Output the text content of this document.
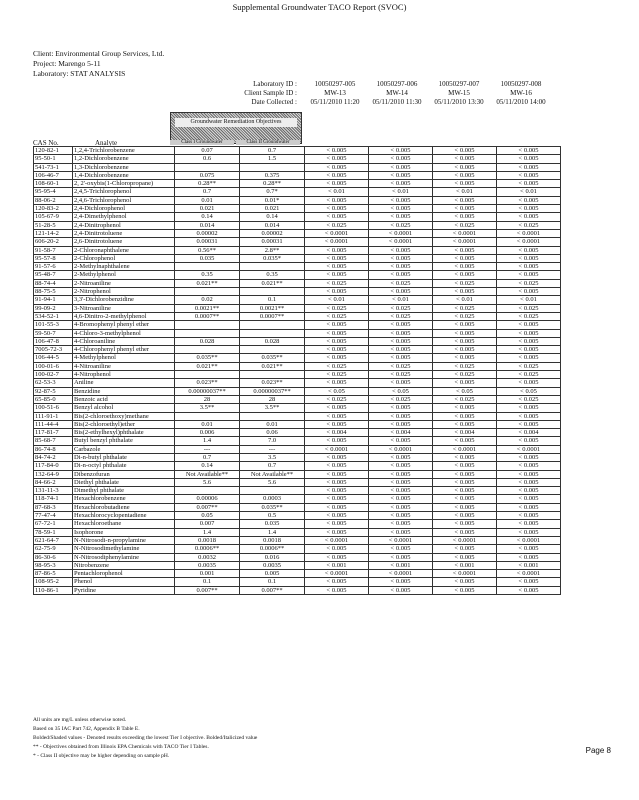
Supplemental Groundwater TACO Report (SVOC)
Client: Environmental Group Services, Ltd.
Project: Marengo 5-11
Laboratory: STAT ANALYSIS
Laboratory ID :
Client Sample ID :
Date Collected :
10050297-005	10050297-006	10050297-007	10050297-008
MW-13	MW-14	MW-15	MW-16
05/11/2010 11:20	05/11/2010 11:30	05/11/2010 13:30	05/11/2010 14:00
Groundwater Remediation Objectives
CAS No.	Analyte	Class I Groundwater	Class II Groundwater
120-82-1	1,2,4-Trichlorobenzene	0.07	0.7	< 0.005	< 0.005	< 0.005	< 0.005
95-50-1	1,2-Dichlorobenzene	0.6	1.5	< 0.005	< 0.005	< 0.005	< 0.005
541-73-1	1,3-Dichlorobenzene			< 0.005	< 0.005	< 0.005	< 0.005
106-46-7	1,4-Dichlorobenzene	0.075	0.375	< 0.005	< 0.005	< 0.005	< 0.005
108-60-1	2, 2'-oxybis(1-Chloropropane)	0.28**	0.28**	< 0.005	< 0.005	< 0.005	< 0.005
95-95-4	2,4,5-Trichlorophenol	0.7	0.7*	< 0.01	< 0.01	< 0.01	< 0.01
88-06-2	2,4,6-Trichlorophenol	0.01	0.01*	< 0.005	< 0.005	< 0.005	< 0.005
120-83-2	2,4-Dichlorophenol	0.021	0.021	< 0.005	< 0.005	< 0.005	< 0.005
105-67-9	2,4-Dimethylphenol	0.14	0.14	< 0.005	< 0.005	< 0.005	< 0.005
51-28-5	2,4-Dinitrophenol	0.014	0.014	< 0.025	< 0.025	< 0.025	< 0.025
121-14-2	2,4-Dinitrotoluene	0.00002	0.00002	< 0.0001	< 0.0001	< 0.0001	< 0.0001
606-20-2	2,6-Dinitrotoluene	0.00031	0.00031	< 0.0001	< 0.0001	< 0.0001	< 0.0001
91-58-7	2-Chloronaphthalene	0.56**	2.8**	< 0.005	< 0.005	< 0.005	< 0.005
95-57-8	2-Chlorophenol	0.035	0.035*	< 0.005	< 0.005	< 0.005	< 0.005
91-57-6	2-Methylnaphthalene			< 0.005	< 0.005	< 0.005	< 0.005
95-48-7	2-Methylphenol	0.35	0.35	< 0.005	< 0.005	< 0.005	< 0.005
88-74-4	2-Nitroaniline	0.021**	0.021**	< 0.025	< 0.025	< 0.025	< 0.025
88-75-5	2-Nitrophenol			< 0.005	< 0.005	< 0.005	< 0.005
91-94-1	3,3'-Dichlorobenzidine	0.02	0.1	< 0.01	< 0.01	< 0.01	< 0.01
99-09-2	3-Nitroaniline	0.0021**	0.0021**	< 0.025	< 0.025	< 0.025	< 0.025
534-52-1	4,6-Dinitro-2-methylphenol	0.0007**	0.0007**	< 0.025	< 0.025	< 0.025	< 0.025
101-55-3	4-Bromophenyl phenyl ether			< 0.005	< 0.005	< 0.005	< 0.005
59-50-7	4-Chloro-3-methylphenol			< 0.005	< 0.005	< 0.005	< 0.005
106-47-8	4-Chloroaniline	0.028	0.028	< 0.005	< 0.005	< 0.005	< 0.005
7005-72-3	4-Chlorophenyl phenyl ether			< 0.005	< 0.005	< 0.005	< 0.005
106-44-5	4-Methylphenol	0.035**	0.035**	< 0.005	< 0.005	< 0.005	< 0.005
100-01-6	4-Nitroaniline	0.021**	0.021**	< 0.025	< 0.025	< 0.025	< 0.025
100-02-7	4-Nitrophenol			< 0.025	< 0.025	< 0.025	< 0.025
62-53-3	Aniline	0.023**	0.023**	< 0.005	< 0.005	< 0.005	< 0.005
92-87-5	Benzidine	0.00000037**	0.00000037**	< 0.05	< 0.05	< 0.05	< 0.05
65-85-0	Benzoic acid	28	28	< 0.025	< 0.025	< 0.025	< 0.025
100-51-6	Benzyl alcohol	3.5**	3.5**	< 0.005	< 0.005	< 0.005	< 0.005
111-91-1	Bis(2-chloroethoxy)methane			< 0.005	< 0.005	< 0.005	< 0.005
111-44-4	Bis(2-chloroethyl)ether	0.01	0.01	< 0.005	< 0.005	< 0.005	< 0.005
117-81-7	Bis(2-ethylhexyl)phthalate	0.006	0.06	< 0.004	< 0.004	< 0.004	< 0.004
85-68-7	Butyl benzyl phthalate	1.4	7.0	< 0.005	< 0.005	< 0.005	< 0.005
86-74-8	Carbazole	---	---	< 0.0001	< 0.0001	< 0.0001	< 0.0001
84-74-2	Di-n-butyl phthalate	0.7	3.5	< 0.005	< 0.005	< 0.005	< 0.005
117-84-0	Di-n-octyl phthalate	0.14	0.7	< 0.005	< 0.005	< 0.005	< 0.005
132-64-9	Dibenzofuran	Not Available**	Not Available**	< 0.005	< 0.005	< 0.005	< 0.005
84-66-2	Diethyl phthalate	5.6	5.6	< 0.005	< 0.005	< 0.005	< 0.005
131-11-3	Dimethyl phthalate			< 0.005	< 0.005	< 0.005	< 0.005
118-74-1	Hexachlorobenzene	0.00006	0.0003	< 0.005	< 0.005	< 0.005	< 0.005
87-68-3	Hexachlorobutadiene	0.007**	0.035**	< 0.005	< 0.005	< 0.005	< 0.005
77-47-4	Hexachlorocyclopentadiene	0.05	0.5	< 0.005	< 0.005	< 0.005	< 0.005
67-72-1	Hexachloroethane	0.007	0.035	< 0.005	< 0.005	< 0.005	< 0.005
78-59-1	Isophorone	1.4	1.4	< 0.005	< 0.005	< 0.005	< 0.005
621-64-7	N-Nitrosodi-n-propylamine	0.0018	0.0018	< 0.0001	< 0.0001	< 0.0001	< 0.0001
62-75-9	N-Nitrosodimethylamine	0.0006**	0.0006**	< 0.005	< 0.005	< 0.005	< 0.005
86-30-6	N-Nitrosodiphenylamine	0.0032	0.016	< 0.005	< 0.005	< 0.005	< 0.005
98-95-3	Nitrobenzene	0.0035	0.0035	< 0.001	< 0.001	< 0.001	< 0.001
87-86-5	Pentachlorophenol	0.001	0.005	< 0.0001	< 0.0001	< 0.0001	< 0.0001
108-95-2	Phenol	0.1	0.1	< 0.005	< 0.005	< 0.005	< 0.005
110-86-1	Pyridine	0.007**	0.007**	< 0.005	< 0.005	< 0.005	< 0.005
All units are mg/L unless otherwise noted.
Based on 35 IAC Part 742, Appendix B Table E.
Bolded/Shaded values - Denoted results exceeding the lowest Tier I objective. Bolded/Italicized value
** - Objectives obtained from Illinois EPA Chemicals with TACO Tier I Tables.
* - Class II objective may be higher depending on sample pH.
Page 8
